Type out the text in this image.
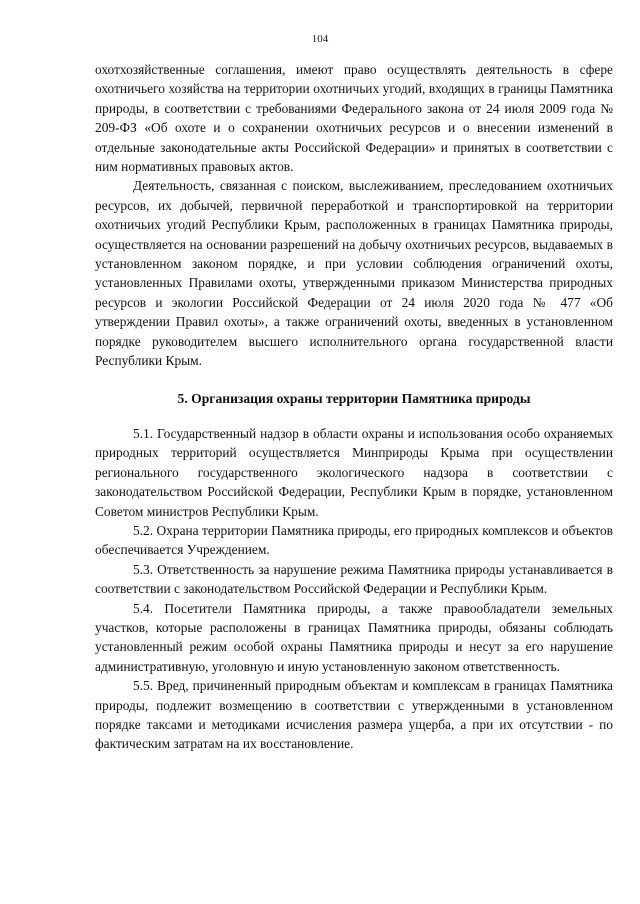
104

охотхозяйственные соглашения, имеют право осуществлять деятельность в сфере охотничьего хозяйства на территории охотничьих угодий, входящих в границы Памятника природы, в соответствии с требованиями Федерального закона от 24 июля 2009 года № 209-ФЗ «Об охоте и о сохранении охотничьих ресурсов и о внесении изменений в отдельные законодательные акты Российской Федерации» и принятых в соответствии с ним нормативных правовых актов.

Деятельность, связанная с поиском, выслеживанием, преследованием охотничьих ресурсов, их добычей, первичной переработкой и транспортировкой на территории охотничьих угодий Республики Крым, расположенных в границах Памятника природы, осуществляется на основании разрешений на добычу охотничьих ресурсов, выдаваемых в установленном законом порядке, и при условии соблюдения ограничений охоты, установленных Правилами охоты, утвержденными приказом Министерства природных ресурсов и экологии Российской Федерации от 24 июля 2020 года № 477 «Об утверждении Правил охоты», а также ограничений охоты, введенных в установленном порядке руководителем высшего исполнительного органа государственной власти Республики Крым.

5. Организация охраны территории Памятника природы

5.1. Государственный надзор в области охраны и использования особо охраняемых природных территорий осуществляется Минприроды Крыма при осуществлении регионального государственного экологического надзора в соответствии с законодательством Российской Федерации, Республики Крым в порядке, установленном Советом министров Республики Крым.

5.2. Охрана территории Памятника природы, его природных комплексов и объектов обеспечивается Учреждением.

5.3. Ответственность за нарушение режима Памятника природы устанавливается в соответствии с законодательством Российской Федерации и Республики Крым.

5.4. Посетители Памятника природы, а также правообладатели земельных участков, которые расположены в границах Памятника природы, обязаны соблюдать установленный режим особой охраны Памятника природы и несут за его нарушение административную, уголовную и иную установленную законом ответственность.

5.5. Вред, причиненный природным объектам и комплексам в границах Памятника природы, подлежит возмещению в соответствии с утвержденными в установленном порядке таксами и методиками исчисления размера ущерба, а при их отсутствии - по фактическим затратам на их восстановление.
